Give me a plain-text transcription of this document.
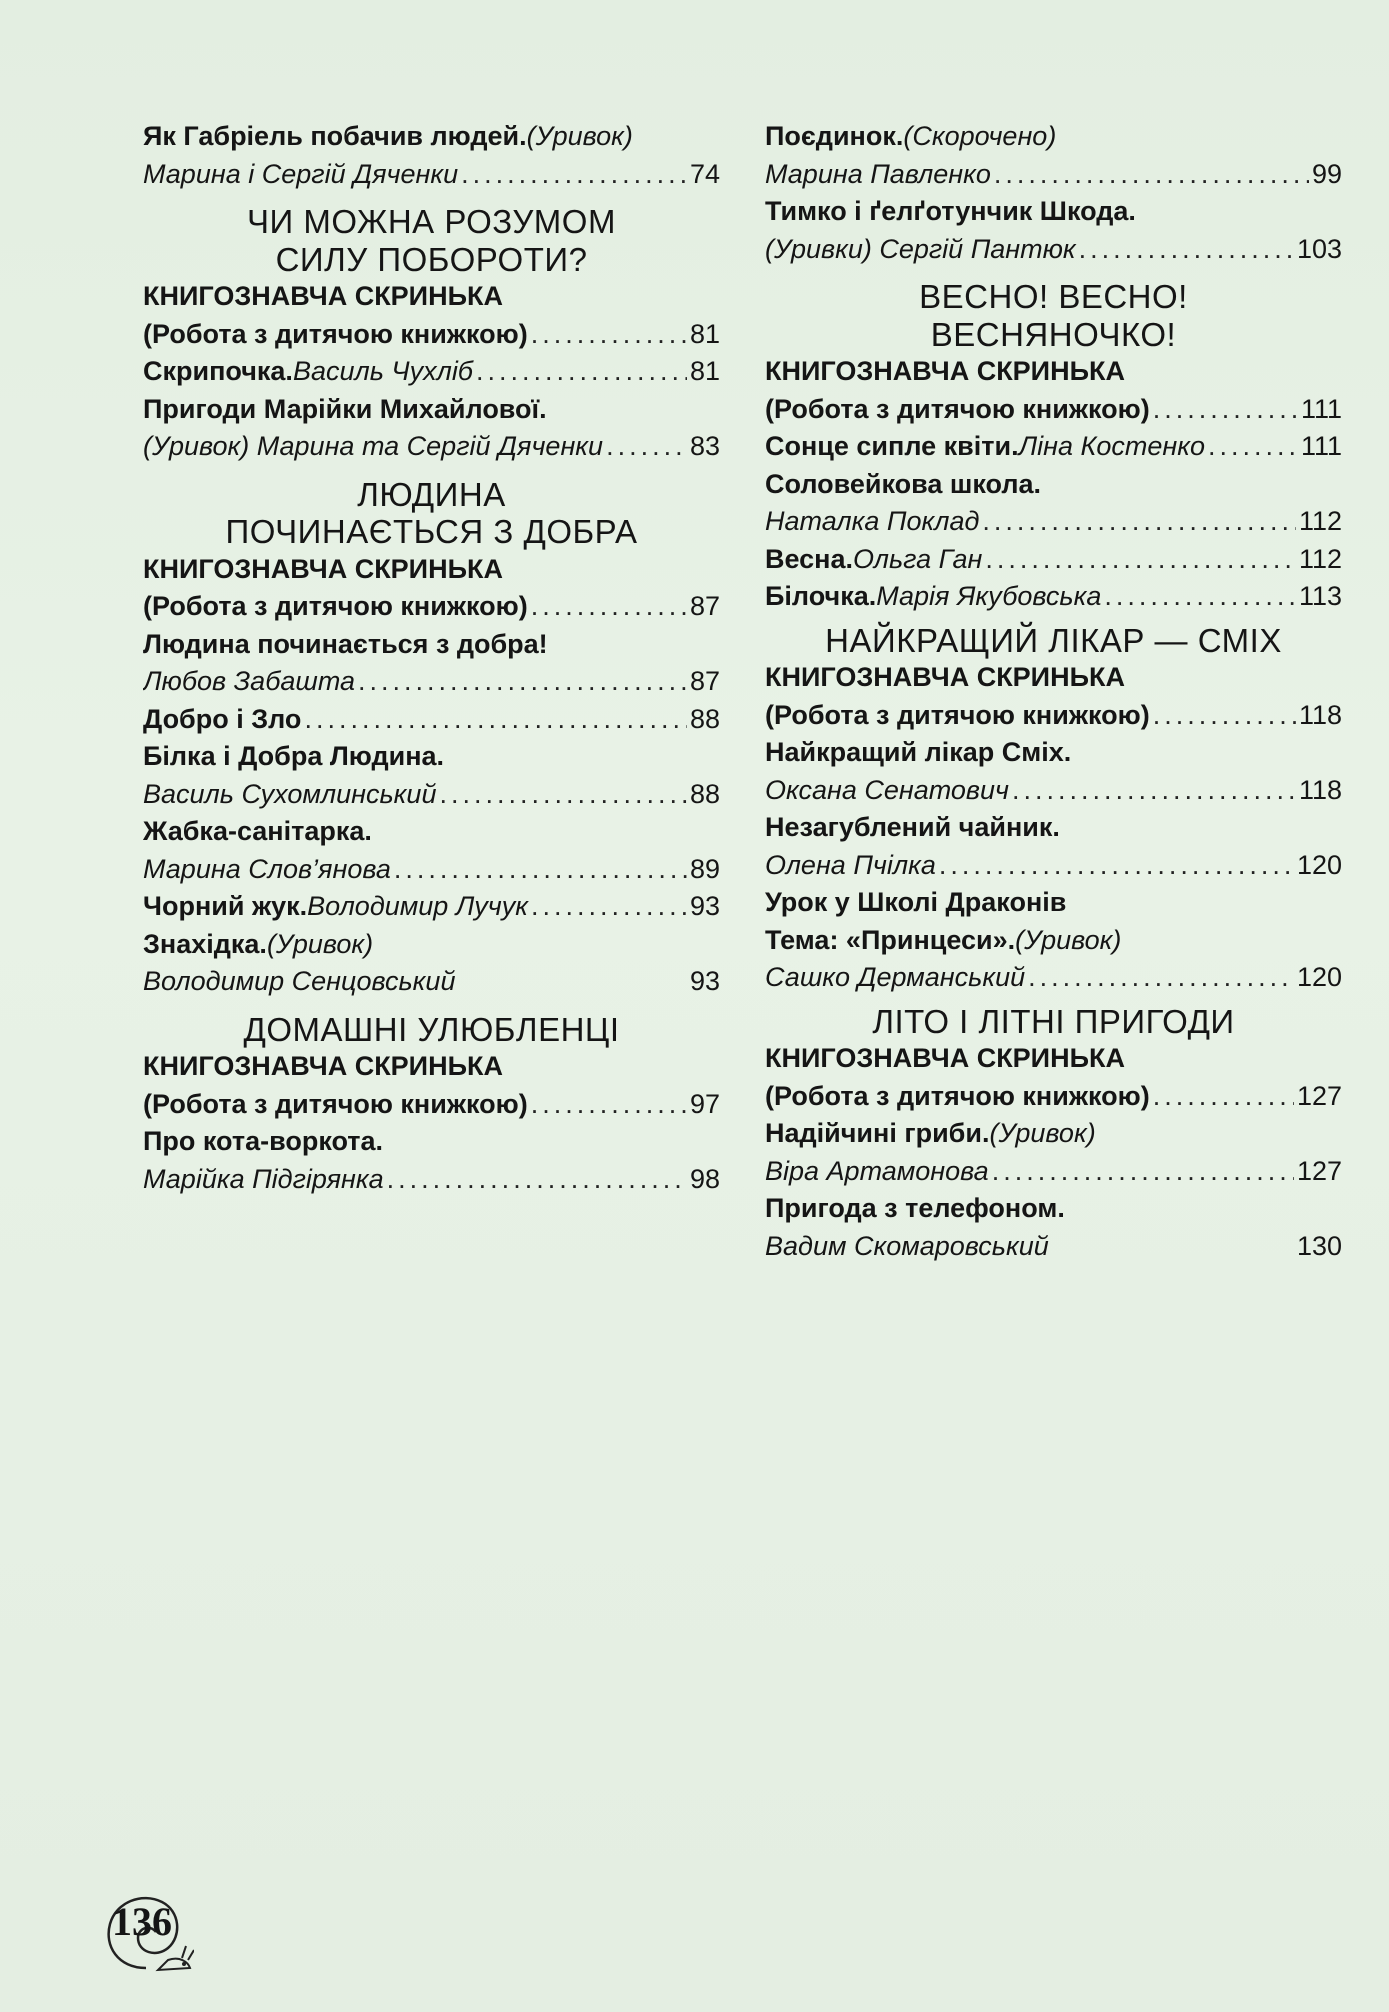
Як Габріель побачив людей. (Уривок)
Марина і Сергій Дяченки .....	74
ЧИ МОЖНА РОЗУМОМ
СИЛУ ПОБОРОТИ?
КНИГОЗНАВЧА СКРИНЬКА
(Робота з дитячою книжкою) .....	81
Скрипочка. Василь Чухліб .....	81
Пригоди Марійки Михайлової.
(Уривок) Марина та Сергій Дяченки .....	83
ЛЮДИНА
ПОЧИНАЄТЬСЯ З ДОБРА
КНИГОЗНАВЧА СКРИНЬКА
(Робота з дитячою книжкою) .....	87
Людина починається з добра!
Любов Забашта .....	87
Добро і Зло .....	88
Білка і Добра Людина.
Василь Сухомлинський .....	88
Жабка-санітарка.
Марина Слов’янова .....	89
Чорний жук. Володимир Лучук .....	93
Знахідка. (Уривок)
Володимир Сенцовський	93
ДОМАШНІ УЛЮБЛЕНЦІ
КНИГОЗНАВЧА СКРИНЬКА
(Робота з дитячою книжкою) .....	97
Про кота-воркота.
Марійка Підгірянка .....	98
Поєдинок. (Скорочено)
Марина Павленко .....	99
Тимко і ґелґотунчик Шкода.
(Уривки) Сергій Пантюк .....	103
ВЕСНО! ВЕСНО!
ВЕСНЯНОЧКО!
КНИГОЗНАВЧА СКРИНЬКА
(Робота з дитячою книжкою) .....	111
Сонце сипле квіти. Ліна Костенко .....	111
Соловейкова школа.
Наталка Поклад .....	112
Весна. Ольга Ган .....	112
Білочка. Марія Якубовська .....	113
НАЙКРАЩИЙ ЛІКАР — СМІХ
КНИГОЗНАВЧА СКРИНЬКА
(Робота з дитячою книжкою) .....	118
Найкращий лікар Сміх.
Оксана Сенатович .....	118
Незагублений чайник.
Олена Пчілка .....	120
Урок у Школі Драконів
Тема: «Принцеси». (Уривок)
Сашко Дерманський .....	120
ЛІТО І ЛІТНІ ПРИГОДИ
КНИГОЗНАВЧА СКРИНЬКА
(Робота з дитячою книжкою) .....	127
Надійчині гриби. (Уривок)
Віра Артамонова .....	127
Пригода з телефоном.
Вадим Скомаровський	130
136
